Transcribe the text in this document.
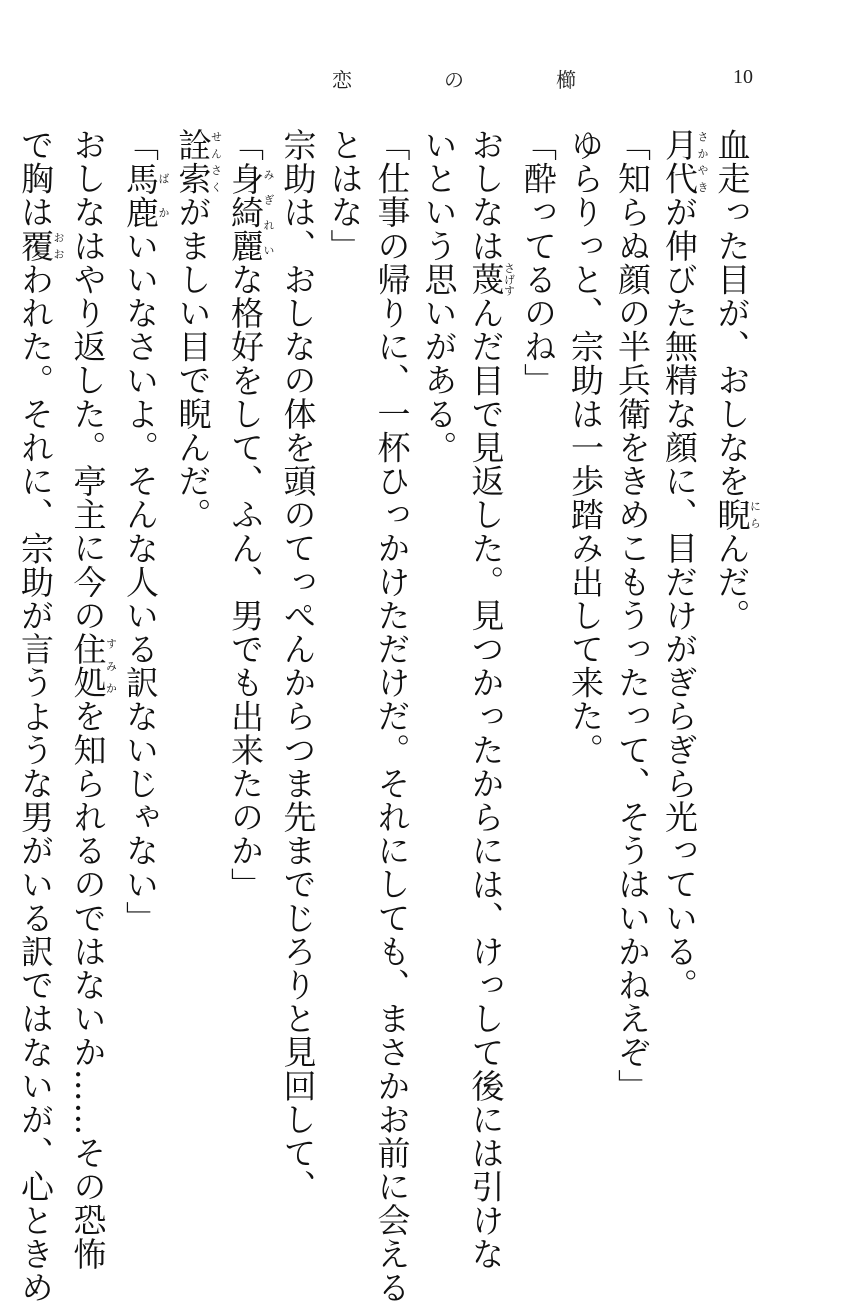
恋　の　櫛	10
血走った目が、おしなを睨にらんだ。
月代さかやきが伸びた無精な顔に、目だけがぎらぎら光っている。
「知らぬ顔の半兵衛をきめこもうったって、そうはいかねえぞ」
ゆらりっと、宗助は一歩踏み出して来た。
「酔ってるのね」
おしなは蔑さげすんだ目で見返した。見つかったからには、けっして後には引けな
いという思いがある。
「仕事の帰りに、一杯ひっかけただけだ。それにしても、まさかお前に会える
とはな」
宗助は、おしなの体を頭のてっぺんからつま先までじろりと見回して、
「身綺麗みぎれいな格好をして、ふん、男でも出来たのか」
詮索せんさくがましい目で睨んだ。
「馬鹿ばかいいなさいよ。そんな人いる訳ないじゃない」
おしなはやり返した。亭主に今の住処すみかを知られるのではないか……その恐怖
で胸は覆おおわれた。それに、宗助が言うような男がいる訳ではないが、心ときめ
